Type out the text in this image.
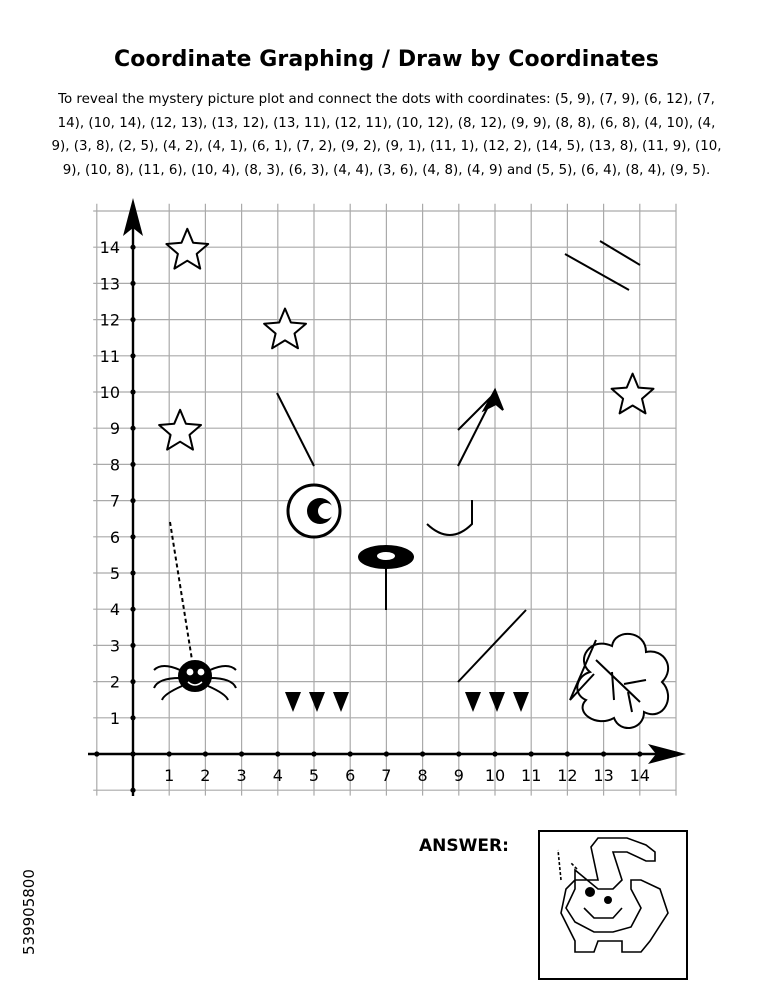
Coordinate Graphing / Draw by Coordinates
To reveal the mystery picture plot and connect the dots with coordinates: (5, 9), (7, 9), (6, 12), (7, 14), (10, 14), (12, 13), (13, 12), (13, 11), (12, 11), (10, 12), (8, 12), (9, 9), (8, 8), (6, 8), (4, 10), (4, 9), (3, 8), (2, 5), (4, 2), (4, 1), (6, 1), (7, 2), (9, 2), (9, 1), (11, 1), (12, 2), (14, 5), (13, 8), (11, 9), (10, 9), (10, 8), (11, 6), (10, 4), (8, 3), (6, 3), (4, 4), (3, 6), (4, 8), (4, 9) and (5, 5), (6, 4), (8, 4), (9, 5).
1 2 3 4 5 6 7 8 9 10 11 12 13 14
1
2
3
4
5
6
7
8
9
10
11
12
13
14
ANSWER:
539905800
